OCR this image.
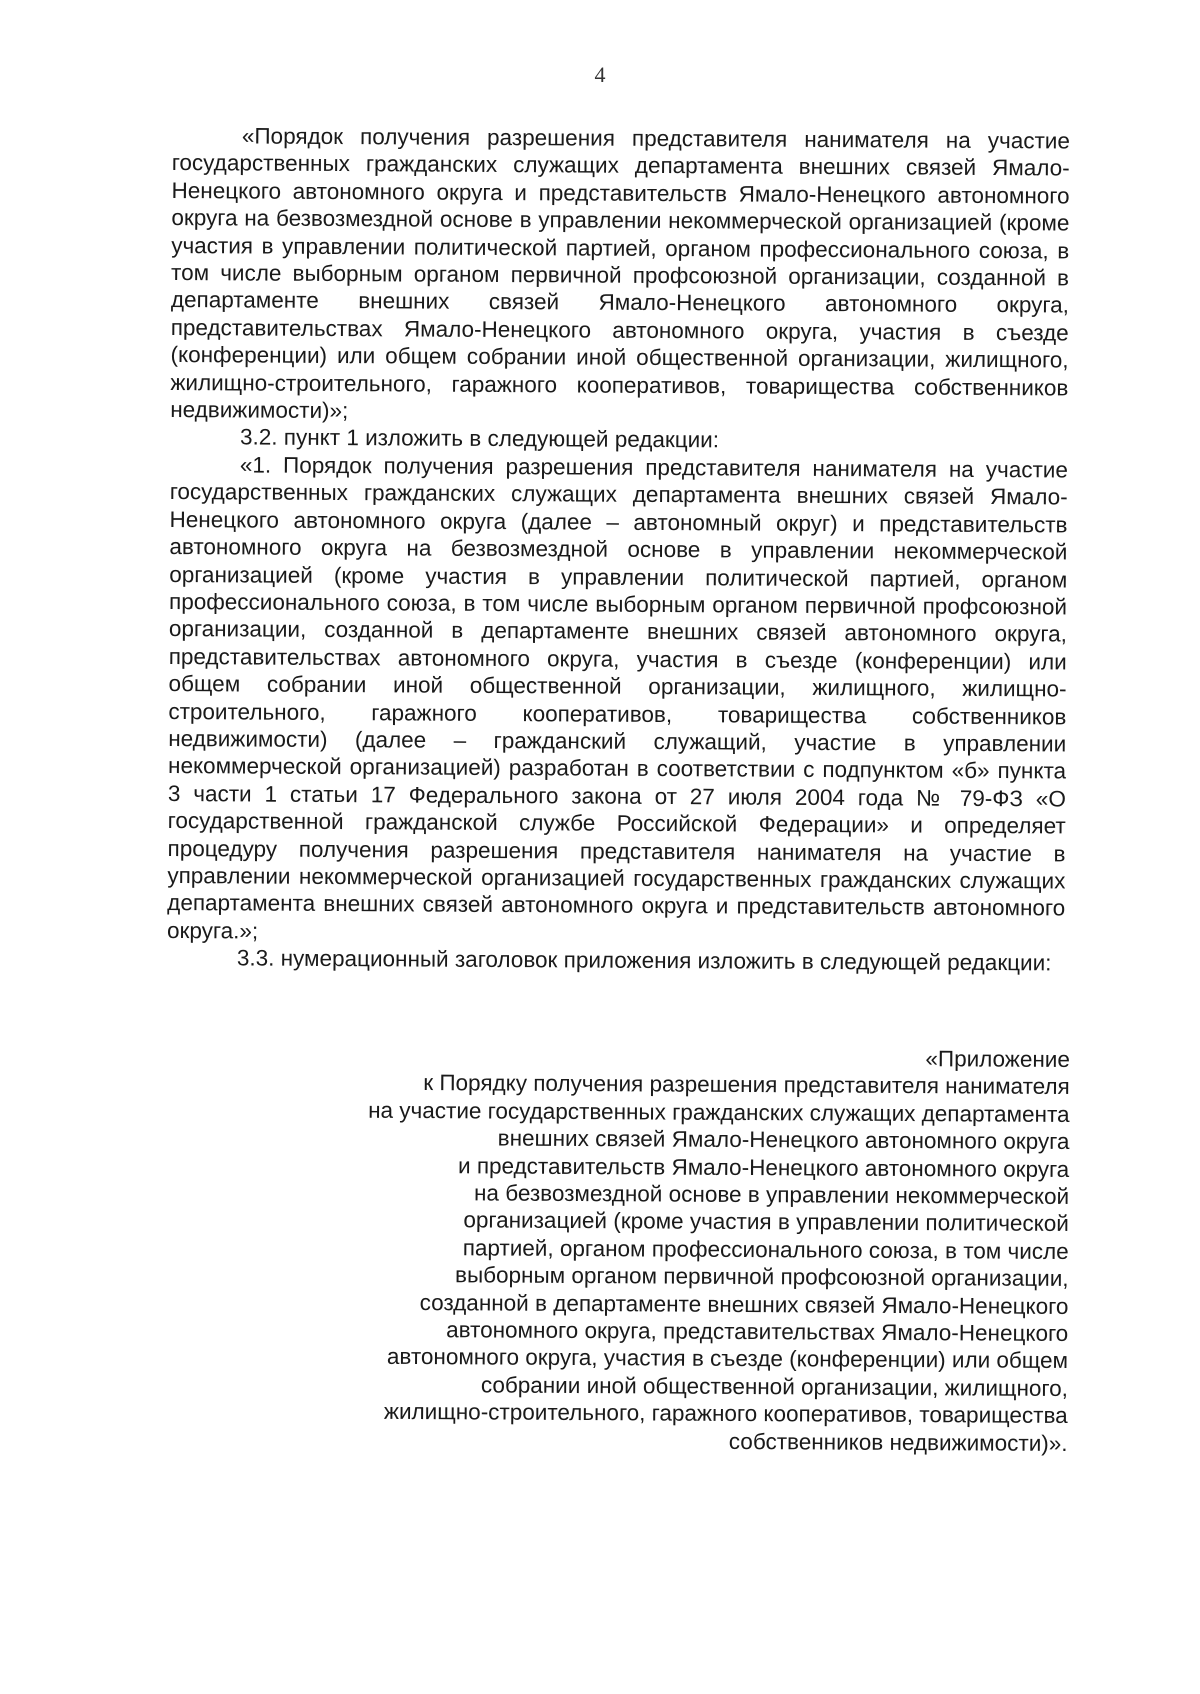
4

«Порядок получения разрешения представителя нанимателя на участие государственных гражданских служащих департамента внешних связей Ямало-Ненецкого автономного округа и представительств Ямало-Ненецкого автономного округа на безвозмездной основе в управлении некоммерческой организацией (кроме участия в управлении политической партией, органом профессионального союза, в том числе выборным органом первичной профсоюзной организации, созданной в департаменте внешних связей Ямало-Ненецкого автономного округа, представительствах Ямало-Ненецкого автономного округа, участия в съезде (конференции) или общем собрании иной общественной организации, жилищного, жилищно-строительного, гаражного кооперативов, товарищества собственников недвижимости)»;

3.2. пункт 1 изложить в следующей редакции:

«1. Порядок получения разрешения представителя нанимателя на участие государственных гражданских служащих департамента внешних связей Ямало-Ненецкого автономного округа (далее – автономный округ) и представительств автономного округа на безвозмездной основе в управлении некоммерческой организацией (кроме участия в управлении политической партией, органом профессионального союза, в том числе выборным органом первичной профсоюзной организации, созданной в департаменте внешних связей автономного округа, представительствах автономного округа, участия в съезде (конференции) или общем собрании иной общественной организации, жилищного, жилищно-строительного, гаражного кооперативов, товарищества собственников недвижимости) (далее – гражданский служащий, участие в управлении некоммерческой организацией) разработан в соответствии с подпунктом «б» пункта 3 части 1 статьи 17 Федерального закона от 27 июля 2004 года № 79-ФЗ «О государственной гражданской службе Российской Федерации» и определяет процедуру получения разрешения представителя нанимателя на участие в управлении некоммерческой организацией государственных гражданских служащих департамента внешних связей автономного округа и представительств автономного округа.»;

3.3. нумерационный заголовок приложения изложить в следующей редакции:

«Приложение
к Порядку получения разрешения представителя нанимателя
на участие государственных гражданских служащих департамента
внешних связей Ямало-Ненецкого автономного округа
и представительств Ямало-Ненецкого автономного округа
на безвозмездной основе в управлении некоммерческой
организацией (кроме участия в управлении политической
партией, органом профессионального союза, в том числе
выборным органом первичной профсоюзной организации,
созданной в департаменте внешних связей Ямало-Ненецкого
автономного округа, представительствах Ямало-Ненецкого
автономного округа, участия в съезде (конференции) или общем
собрании иной общественной организации, жилищного,
жилищно-строительного, гаражного кооперативов, товарищества
собственников недвижимости)».
